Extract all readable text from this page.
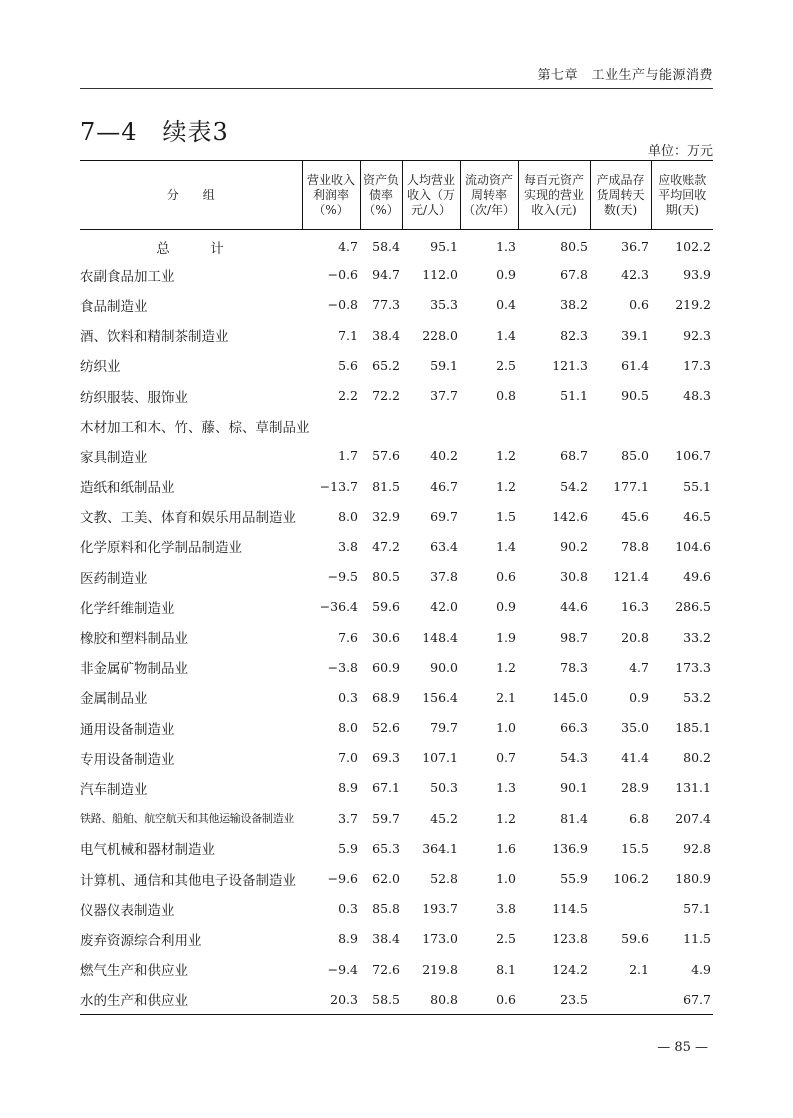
第七章　工业生产与能源消费
7—4　续表3
单位：万元
分　　组	营业收入利润率（%）	资产负债率（%）	人均营业收入（万元/人）	流动资产周转率（次/年）	每百元资产实现的营业收入(元)	产成品存货周转天数(天)	应收账款平均回收期(天)
总　　　计	4.7	58.4	95.1	1.3	80.5	36.7	102.2
农副食品加工业	−0.6	94.7	112.0	0.9	67.8	42.3	93.9
食品制造业	−0.8	77.3	35.3	0.4	38.2	0.6	219.2
酒、饮料和精制茶制造业	7.1	38.4	228.0	1.4	82.3	39.1	92.3
纺织业	5.6	65.2	59.1	2.5	121.3	61.4	17.3
纺织服装、服饰业	2.2	72.2	37.7	0.8	51.1	90.5	48.3
木材加工和木、竹、藤、棕、草制品业							
家具制造业	1.7	57.6	40.2	1.2	68.7	85.0	106.7
造纸和纸制品业	−13.7	81.5	46.7	1.2	54.2	177.1	55.1
文教、工美、体育和娱乐用品制造业	8.0	32.9	69.7	1.5	142.6	45.6	46.5
化学原料和化学制品制造业	3.8	47.2	63.4	1.4	90.2	78.8	104.6
医药制造业	−9.5	80.5	37.8	0.6	30.8	121.4	49.6
化学纤维制造业	−36.4	59.6	42.0	0.9	44.6	16.3	286.5
橡胶和塑料制品业	7.6	30.6	148.4	1.9	98.7	20.8	33.2
非金属矿物制品业	−3.8	60.9	90.0	1.2	78.3	4.7	173.3
金属制品业	0.3	68.9	156.4	2.1	145.0	0.9	53.2
通用设备制造业	8.0	52.6	79.7	1.0	66.3	35.0	185.1
专用设备制造业	7.0	69.3	107.1	0.7	54.3	41.4	80.2
汽车制造业	8.9	67.1	50.3	1.3	90.1	28.9	131.1
铁路、船舶、航空航天和其他运输设备制造业	3.7	59.7	45.2	1.2	81.4	6.8	207.4
电气机械和器材制造业	5.9	65.3	364.1	1.6	136.9	15.5	92.8
计算机、通信和其他电子设备制造业	−9.6	62.0	52.8	1.0	55.9	106.2	180.9
仪器仪表制造业	0.3	85.8	193.7	3.8	114.5		57.1
废弃资源综合利用业	8.9	38.4	173.0	2.5	123.8	59.6	11.5
燃气生产和供应业	−9.4	72.6	219.8	8.1	124.2	2.1	4.9
水的生产和供应业	20.3	58.5	80.8	0.6	23.5		67.7
— 85 —
